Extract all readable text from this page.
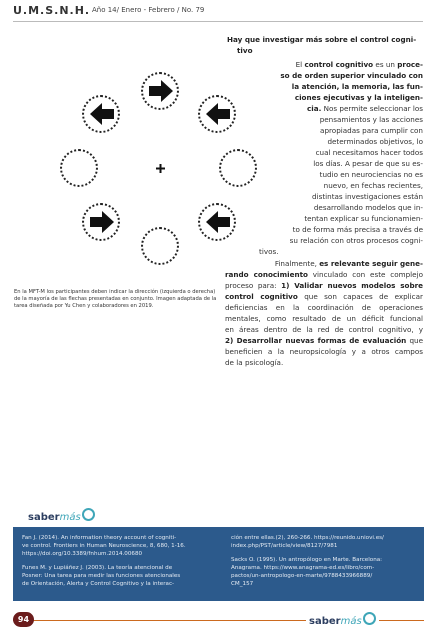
U.M.S.N.H. Año 14/ Enero - Febrero / No. 79
En la MFT-M los participantes deben indicar la dirección (izquierda o derecha) de la mayoría de las flechas presentadas en conjunto. Imagen adaptada de la tarea diseñada por Yu Chen y colaboradores en 2019.
Hay que investigar más sobre el control cogni-
tivo
El control cognitivo es un proce-
so de orden superior vinculado con
la atención, la memoria, las fun-
ciones ejecutivas y la inteligen-
cia. Nos permite seleccionar los
pensamientos y las acciones
apropiadas para cumplir con
determinados objetivos, lo
cual necesitamos hacer todos
los días. A pesar de que su es-
tudio en neurociencias no es
nuevo, en fechas recientes,
distintas investigaciones están
desarrollando modelos que in-
tentan explicar su funcionamien-
to de forma más precisa a través de
su relación con otros procesos cogni-
tivos.
Finalmente, es relevante seguir gene-
rando conocimiento vinculado con este complejo
proceso para: 1) Validar nuevos modelos sobre
control cognitivo que son capaces de explicar
deficiencias en la coordinación de operaciones
mentales, como resultado de un déficit funcional
en áreas dentro de la red de control cognitivo, y
2) Desarrollar nuevas formas de evaluación que
beneficien a la neuropsicología y a otros campos
de la psicología.
sabermás
Fan J. (2014). An information theory account of cogniti-
ve control. Frontiers in Human Neuroscience, 8, 680, 1-16.
https://doi.org/10.3389/fnhum.2014.00680
Funes M. y Lupiáñez J. (2003). La teoría atencional de
Posner: Una tarea para medir las funciones atencionales
de Orientación, Alerta y Control Cognitivo y la interac-
ción entre ellas.(2), 260-266. https://reunido.uniovi.es/
index.php/PST/article/view/8127/7981
Sacks O. (1995). Un antropólogo en Marte. Barcelona:
Anagrama. https://www.anagrama-ed.es/libro/com-
pactos/un-antropologo-en-marte/9788433966889/
CM_157
94	sabermás
